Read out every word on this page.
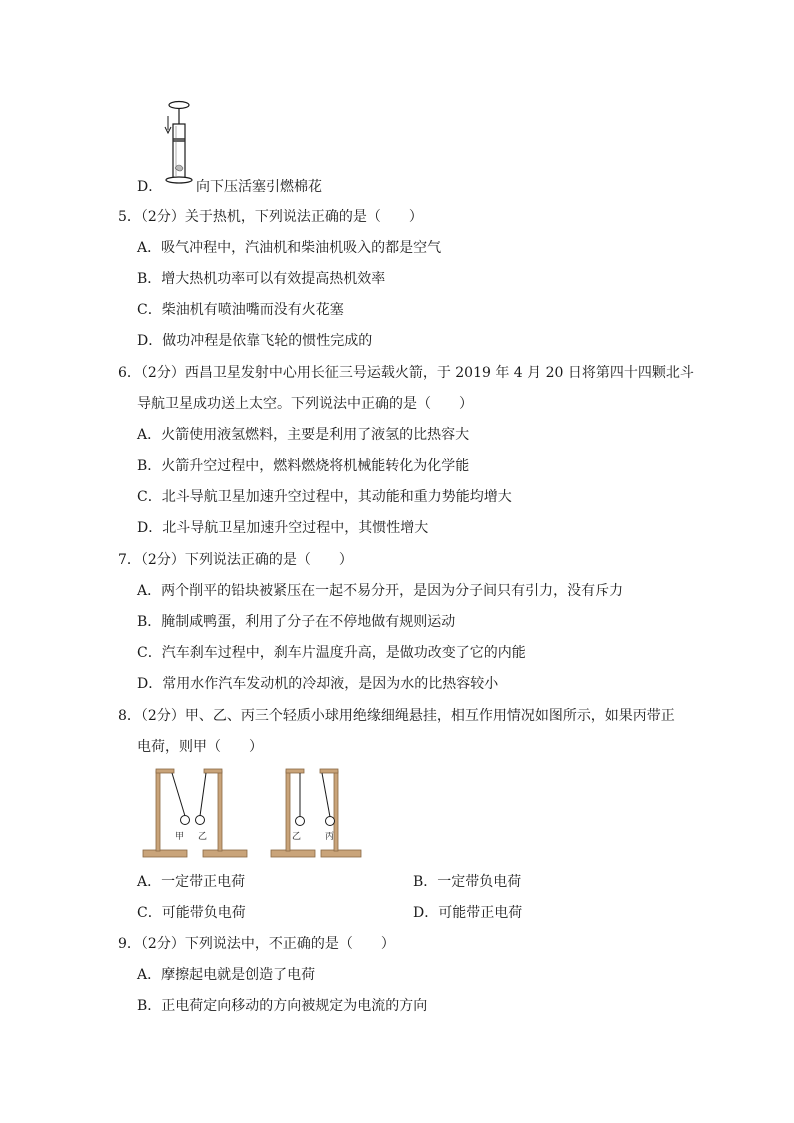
D． 向下压活塞引燃棉花
5．（2分）关于热机，下列说法正确的是（　　）
A．吸气冲程中，汽油机和柴油机吸入的都是空气
B．增大热机功率可以有效提高热机效率
C．柴油机有喷油嘴而没有火花塞
D．做功冲程是依靠飞轮的惯性完成的
6．（2分）西昌卫星发射中心用长征三号运载火箭，于 2019 年 4 月 20 日将第四十四颗北斗
导航卫星成功送上太空。下列说法中正确的是（　　）
A．火箭使用液氢燃料，主要是利用了液氢的比热容大
B．火箭升空过程中，燃料燃烧将机械能转化为化学能
C．北斗导航卫星加速升空过程中，其动能和重力势能均增大
D．北斗导航卫星加速升空过程中，其惯性增大
7．（2分）下列说法正确的是（　　）
A．两个削平的铅块被紧压在一起不易分开，是因为分子间只有引力，没有斥力
B．腌制咸鸭蛋，利用了分子在不停地做有规则运动
C．汽车刹车过程中，刹车片温度升高，是做功改变了它的内能
D．常用水作汽车发动机的冷却液，是因为水的比热容较小
8．（2分）甲、乙、丙三个轻质小球用绝缘细绳悬挂，相互作用情况如图所示，如果丙带正
电荷，则甲（　　）
甲 乙	乙	丙
A．一定带正电荷	B．一定带负电荷
C．可能带负电荷	D．可能带正电荷
9．（2分）下列说法中，不正确的是（　　）
A．摩擦起电就是创造了电荷
B．正电荷定向移动的方向被规定为电流的方向
